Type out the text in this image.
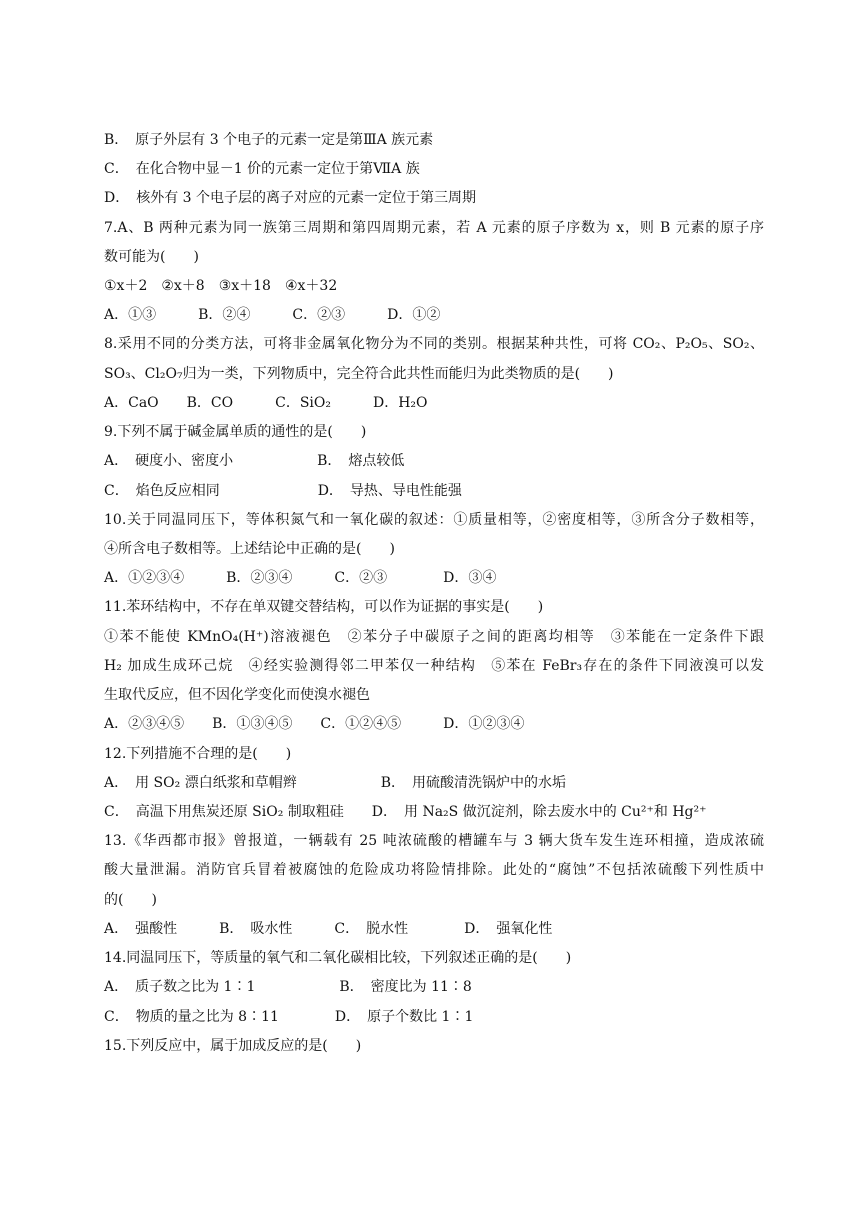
B．　原子外层有 3 个电子的元素一定是第ⅢA 族元素
C．　在化合物中显－1 价的元素一定位于第ⅦA 族
D．　核外有 3 个电子层的离子对应的元素一定位于第三周期
7.A、B 两种元素为同一族第三周期和第四周期元素，若 A 元素的原子序数为 x，则 B 元素的原子序
数可能为(　　)
①x＋2　②x＋8　③x＋18　④x＋32
A．①③　　　B．②④　　　C．②③　　　D．①②
8.采用不同的分类方法，可将非金属氧化物分为不同的类别。根据某种共性，可将 CO₂、P₂O₅、SO₂、
SO₃、Cl₂O₇归为一类，下列物质中，完全符合此共性而能归为此类物质的是(　　)
A．CaO　　B．CO　　　C．SiO₂　　　D．H₂O
9.下列不属于碱金属单质的通性的是(　　)
A．　硬度小、密度小　　　　　　B．　熔点较低
C．　焰色反应相同　　　　　　　D．　导热、导电性能强
10.关于同温同压下，等体积氮气和一氧化碳的叙述：①质量相等，②密度相等，③所含分子数相等，
④所含电子数相等。上述结论中正确的是(　　)
A．①②③④　　　B．②③④　　　C．②③　　　　D．③④
11.苯环结构中，不存在单双键交替结构，可以作为证据的事实是(　　)
①苯不能使 KMnO₄(H⁺)溶液褪色　②苯分子中碳原子之间的距离均相等　③苯能在一定条件下跟
H₂ 加成生成环己烷　④经实验测得邻二甲苯仅一种结构　⑤苯在 FeBr₃存在的条件下同液溴可以发
生取代反应，但不因化学变化而使溴水褪色
A．②③④⑤　　B．①③④⑤　　C．①②④⑤　　　D．①②③④
12.下列措施不合理的是(　　)
A．　用 SO₂ 漂白纸浆和草帽辫　　　　　　B．　用硫酸清洗锅炉中的水垢
C．　高温下用焦炭还原 SiO₂ 制取粗硅　　D．　用 Na₂S 做沉淀剂，除去废水中的 Cu²⁺和 Hg²⁺
13.《华西都市报》曾报道，一辆载有 25 吨浓硫酸的槽罐车与 3 辆大货车发生连环相撞，造成浓硫
酸大量泄漏。消防官兵冒着被腐蚀的危险成功将险情排除。此处的“腐蚀”不包括浓硫酸下列性质中
的(　　)
A．　强酸性　　　B．　吸水性　　　C．　脱水性　　　　D．　强氧化性
14.同温同压下，等质量的氧气和二氧化碳相比较，下列叙述正确的是(　　)
A．　质子数之比为 1∶1　　　　　　B．　密度比为 11∶8
C．　物质的量之比为 8∶11　　　　D．　原子个数比 1∶1
15.下列反应中，属于加成反应的是(　　)
